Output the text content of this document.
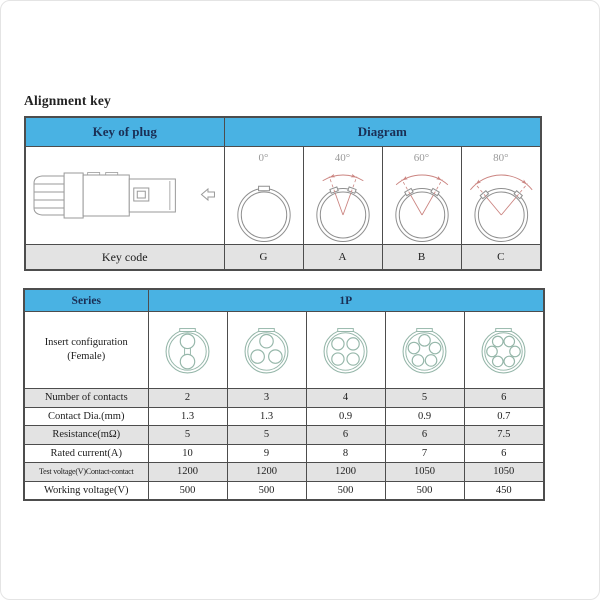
Alignment key
Key of plug	Diagram			

0°	40°	60°	80°

Key code	G	A	B	C
Series	1P				

Insert configuration
(Female)

Number of contacts	2	3	4	5	6
Contact Dia.(mm)	1.3	1.3	0.9	0.9	0.7
Resistance(mΩ)	5	5	6	6	7.5
Rated current(A)	10	9	8	7	6
Test voltage(V)Contact-contact	1200	1200	1200	1050	1050
Working voltage(V)	500	500	500	500	450
